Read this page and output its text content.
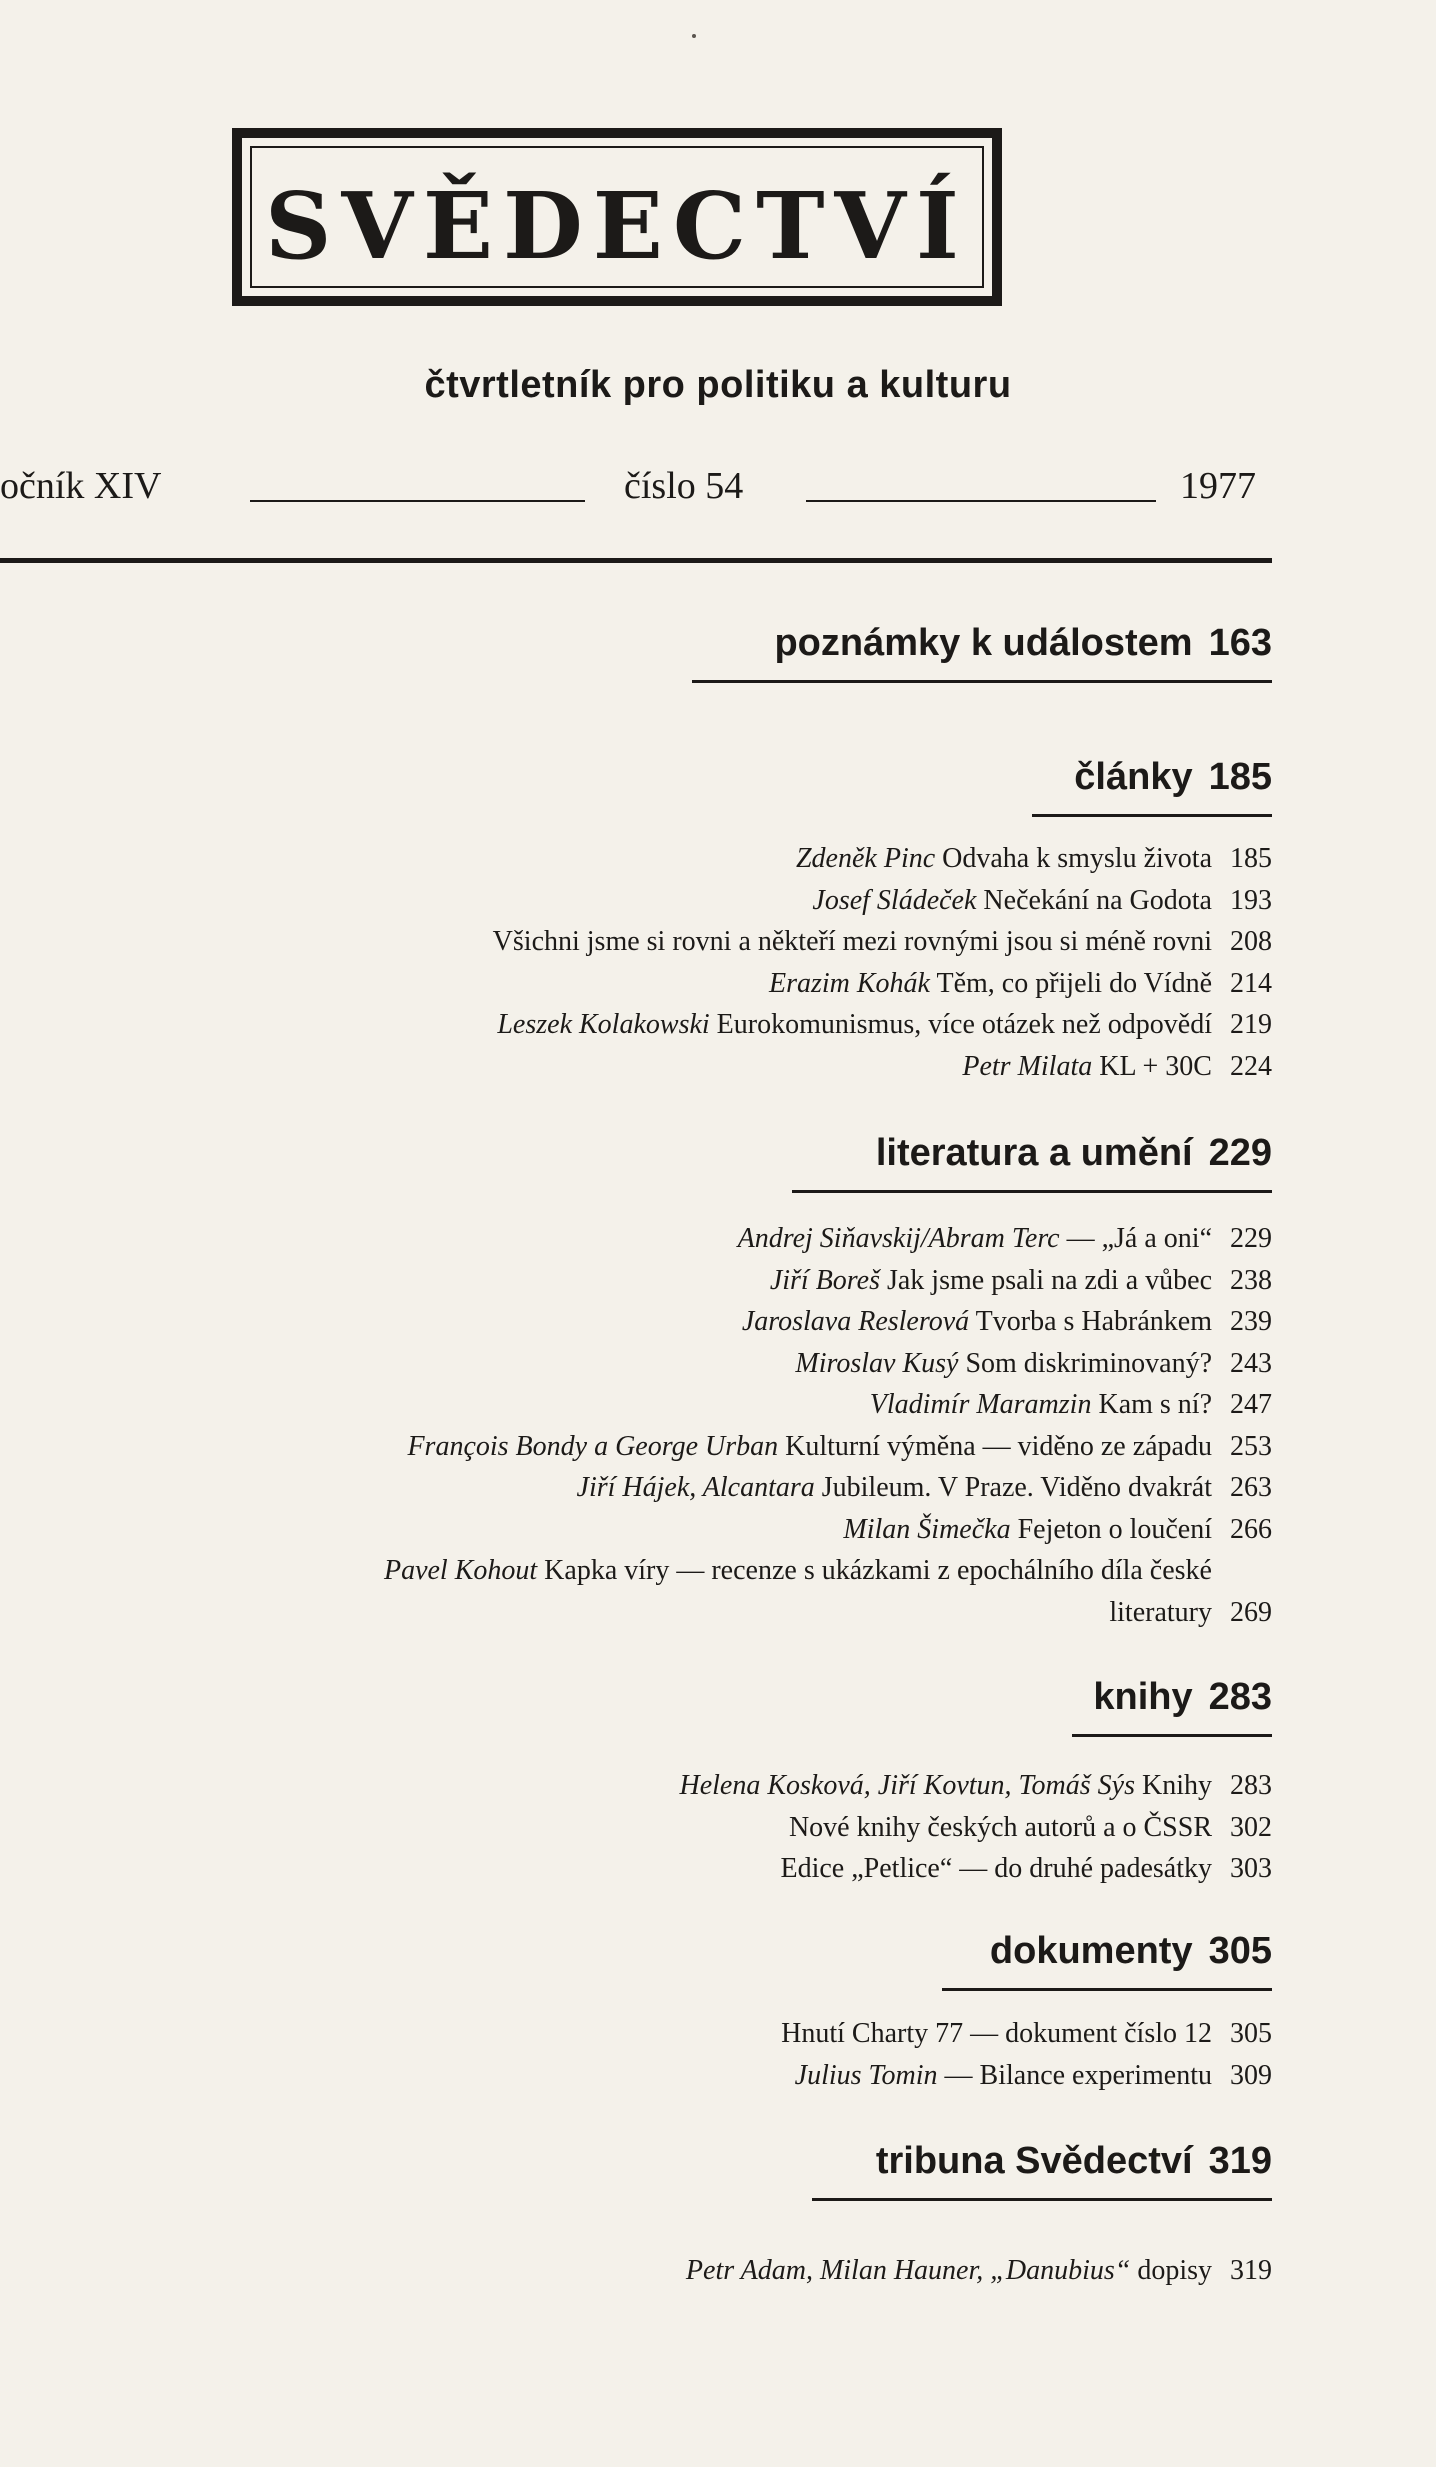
SVĚDECTVÍ
čtvrtletník pro politiku a kulturu
očník XIV	číslo 54	1977
poznámky k událostem 163
články 185
Zdeněk Pinc Odvaha k smyslu života 185
Josef Sládeček Nečekání na Godota 193
Všichni jsme si rovni a někteří mezi rovnými jsou si méně rovni 208
Erazim Kohák Těm, co přijeli do Vídně 214
Leszek Kolakowski Eurokomunismus, více otázek než odpovědí 219
Petr Milata KL + 30C 224
literatura a umění 229
Andrej Siňavskij/Abram Terc — „Já a oni“ 229
Jiří Boreš Jak jsme psali na zdi a vůbec 238
Jaroslava Reslerová Tvorba s Habránkem 239
Miroslav Kusý Som diskriminovaný? 243
Vladimír Maramzin Kam s ní? 247
François Bondy a George Urban Kulturní výměna — viděno ze západu 253
Jiří Hájek, Alcantara Jubileum. V Praze. Viděno dvakrát 263
Milan Šimečka Fejeton o loučení 266
Pavel Kohout Kapka víry — recenze s ukázkami z epochálního díla české
literatury 269
knihy 283
Helena Kosková, Jiří Kovtun, Tomáš Sýs Knihy 283
Nové knihy českých autorů a o ČSSR 302
Edice „Petlice“ — do druhé padesátky 303
dokumenty 305
Hnutí Charty 77 — dokument číslo 12 305
Julius Tomin — Bilance experimentu 309
tribuna Svědectví 319
Petr Adam, Milan Hauner, „Danubius“ dopisy 319
